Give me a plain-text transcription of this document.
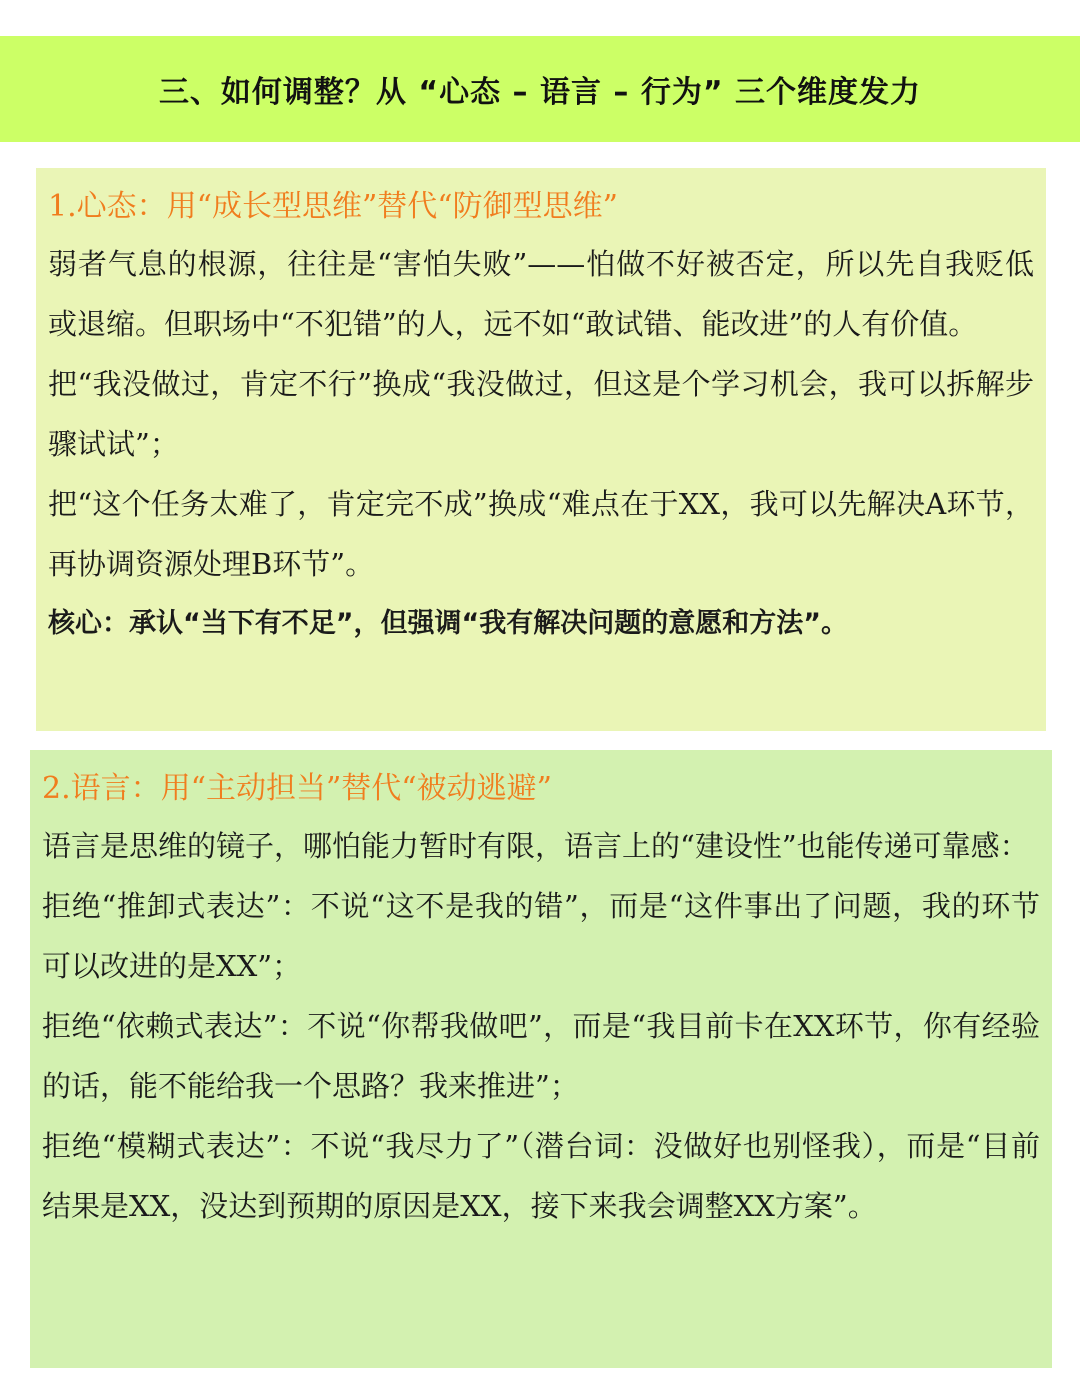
三、如何调整？从 “心态 – 语言 – 行为” 三个维度发力
1.心态：用“成长型思维”替代“防御型思维”

弱者气息的根源，往往是“害怕失败”——怕做不好被否定，所以先自我贬低或退缩。但职场中“不犯错”的人，远不如“敢试错、能改进”的人有价值。

把“我没做过，肯定不行”换成“我没做过，但这是个学习机会，我可以拆解步骤试试”；

把“这个任务太难了，肯定完不成”换成“难点在于XX，我可以先解决A环节，再协调资源处理B环节”。

核心：承认“当下有不足”，但强调“我有解决问题的意愿和方法”。

2.语言：用“主动担当”替代“被动逃避”

语言是思维的镜子，哪怕能力暂时有限，语言上的“建设性”也能传递可靠感：

拒绝“推卸式表达”：不说“这不是我的错”，而是“这件事出了问题，我的环节可以改进的是XX”；

拒绝“依赖式表达”：不说“你帮我做吧”，而是“我目前卡在XX环节，你有经验的话，能不能给我一个思路？我来推进”；

拒绝“模糊式表达”：不说“我尽力了”（潜台词：没做好也别怪我），而是“目前结果是XX，没达到预期的原因是XX，接下来我会调整XX方案”。
